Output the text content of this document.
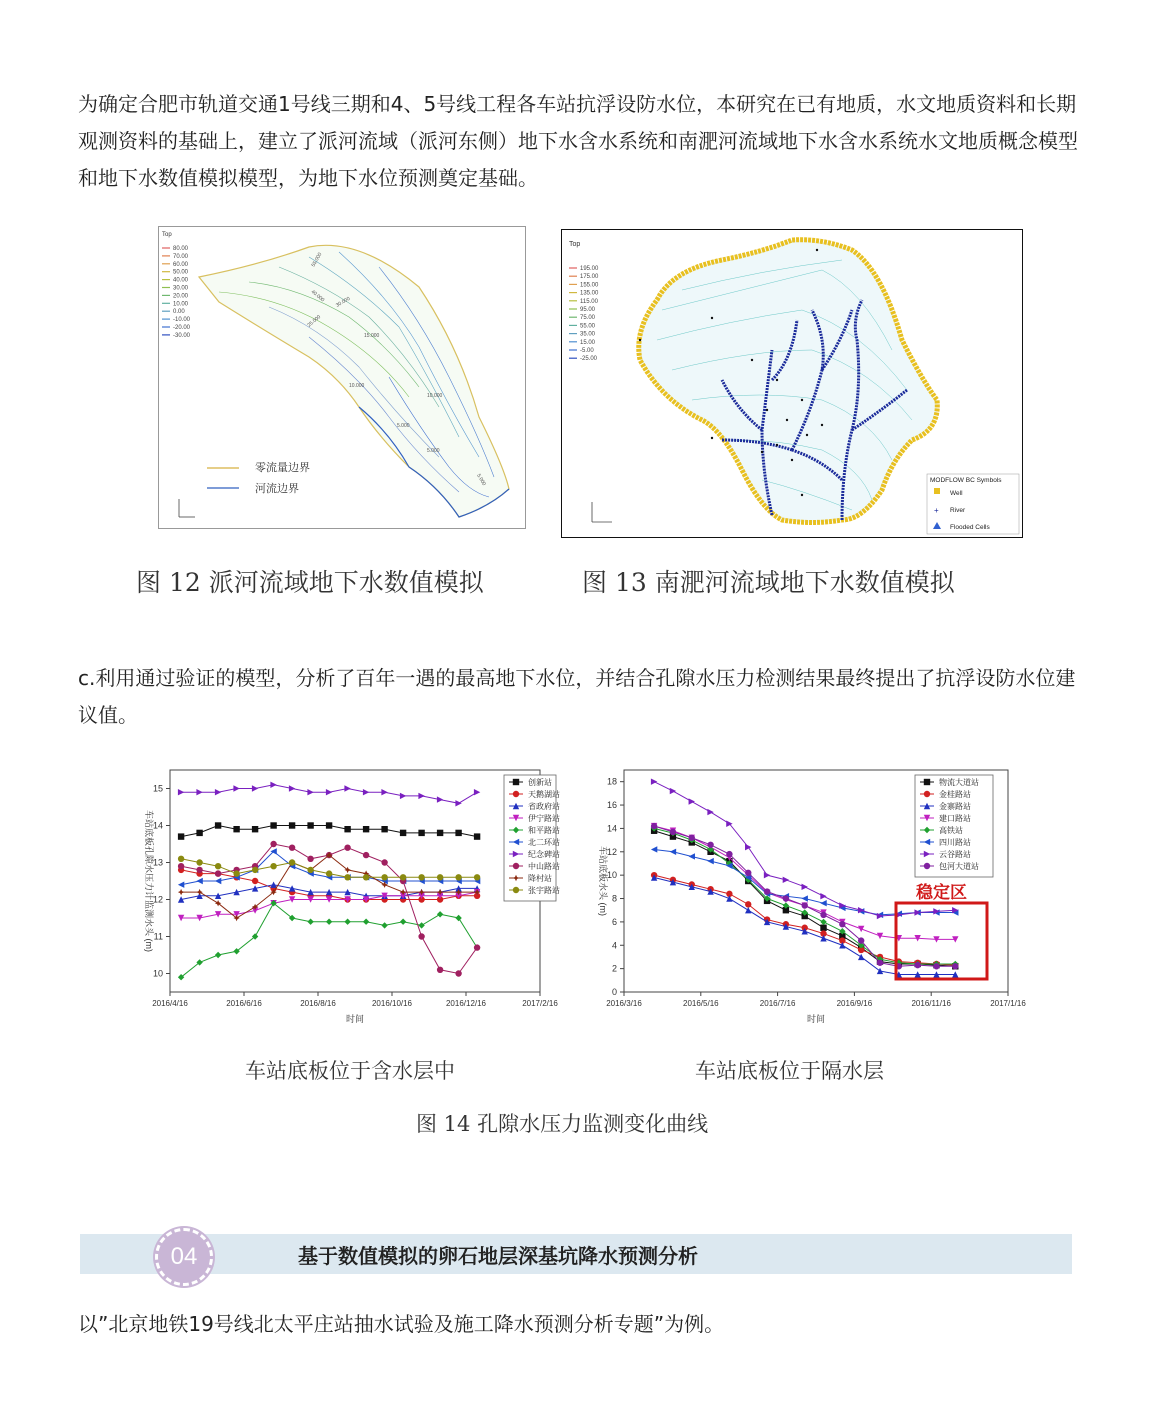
为确定合肥市轨道交通1号线三期和4、5号线工程各车站抗浮设防水位，本研究在已有地质，水文地质资料和长期观测资料的基础上，建立了派河流域（派河东侧）地下水含水系统和南淝河流域地下水含水系统水文地质概念模型和地下水数值模拟模型，为地下水位预测奠定基础。
Top
80.00
70.00
60.00
50.00
40.00
30.00
20.00
10.00
0.00
-10.00
-20.00
-30.00
55.000
40.000 30.000
25.000
15.000
10.000
5.000
10.000
5.000
5.000
零流量边界
河流边界
图 12 派河流域地下水数值模拟
Top
195.00
175.00
155.00
135.00
115.00
95.00
75.00
55.00
35.00
15.00
-5.00
-25.00
MODFLOW BC Symbols
Well
+ River
Flooded Cells
图 13 南淝河流域地下水数值模拟
c.利用通过验证的模型，分析了百年一遇的最高地下水位，并结合孔隙水压力检测结果最终提出了抗浮设防水位建议值。
10
11
12
13
14
15
2016/4/16	2016/6/16	2016/8/16	2016/10/16	2016/12/16	2017/2/16
时间
车站底板孔隙水压力计监测水头 (m)
创新站
天鹅湖站
省政府站
伊宁路站
和平路站
北二环站
纪念碑站
中山路站
降村站
张宇路站
0
2
4
6
8
10
12
14
16
18
2016/3/16	2016/5/16	2016/7/16	2016/9/16	2016/11/16	2017/1/16
时间
车站底板水头 (m)
物流大道站
金桂路站
金寨路站
建口路站
高铁站
四川路站
云谷路站
包河大道站
稳定区
车站底板位于含水层中	车站底板位于隔水层
图 14 孔隙水压力监测变化曲线
04	基于数值模拟的卵石地层深基坑降水预测分析
以”北京地铁19号线北太平庄站抽水试验及施工降水预测分析专题”为例。
